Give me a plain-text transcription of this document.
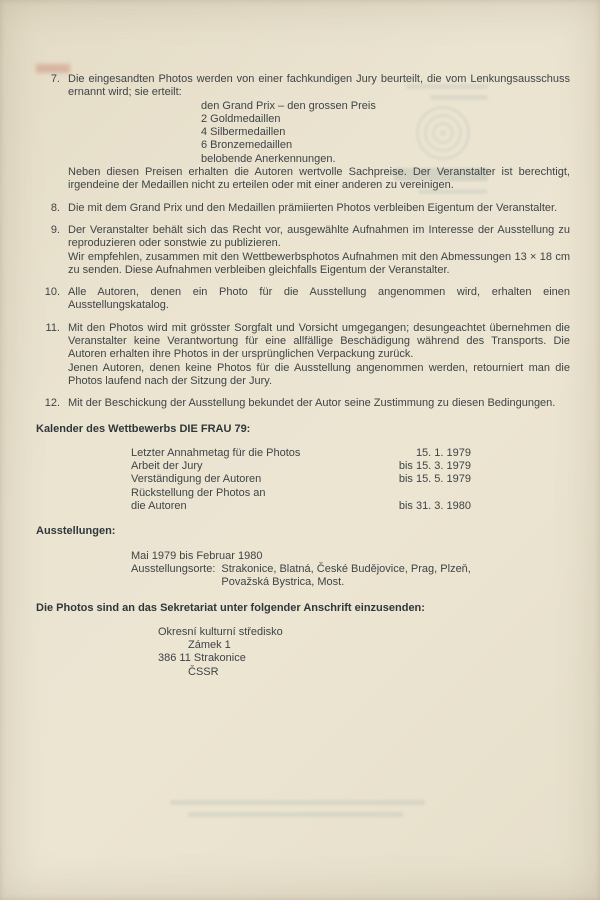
7. Die eingesandten Photos werden von einer fachkundigen Jury beurteilt, die vom Lenkungsausschuss ernannt wird; sie erteilt:

den Grand Prix – den grossen Preis
2 Goldmedaillen
4 Silbermedaillen
6 Bronzemedaillen
belobende Anerkennungen.

Neben diesen Preisen erhalten die Autoren wertvolle Sachpreise. Der Veranstalter ist berechtigt, irgendeine der Medaillen nicht zu erteilen oder mit einer anderen zu vereinigen.

8. Die mit dem Grand Prix und den Medaillen prämiierten Photos verbleiben Eigentum der Veranstalter.

9. Der Veranstalter behält sich das Recht vor, ausgewählte Aufnahmen im Interesse der Ausstellung zu reproduzieren oder sonstwie zu publizieren.

Wir empfehlen, zusammen mit den Wettbewerbsphotos Aufnahmen mit den Abmessungen 13 × 18 cm zu senden. Diese Aufnahmen verbleiben gleichfalls Eigentum der Veranstalter.

10. Alle Autoren, denen ein Photo für die Ausstellung angenommen wird, erhalten einen Ausstellungskatalog.

11. Mit den Photos wird mit grösster Sorgfalt und Vorsicht umgegangen; desungeachtet übernehmen die Veranstalter keine Verantwortung für eine allfällige Beschädigung während des Transports. Die Autoren erhalten ihre Photos in der ursprünglichen Verpackung zurück.

Jenen Autoren, denen keine Photos für die Ausstellung angenommen werden, retourniert man die Photos laufend nach der Sitzung der Jury.

12. Mit der Beschickung der Ausstellung bekundet der Autor seine Zustimmung zu diesen Bedingungen.

Kalender des Wettbewerbs DIE FRAU 79:
Letzter Annahmetag für die Photos	15. 1. 1979
Arbeit der Jury	bis 15. 3. 1979
Verständigung der Autoren	bis 15. 5. 1979
Rückstellung der Photos an
die Autoren	bis 31. 3. 1980
Ausstellungen:
Mai 1979 bis Februar 1980
Ausstellungsorte: Strakonice, Blatná, České Budějovice, Prag, Plzeň,
Považská Bystrica, Most.
Die Photos sind an das Sekretariat unter folgender Anschrift einzusenden:
Okresní kulturní středisko
Zámek 1
386 11 Strakonice
ČSSR
